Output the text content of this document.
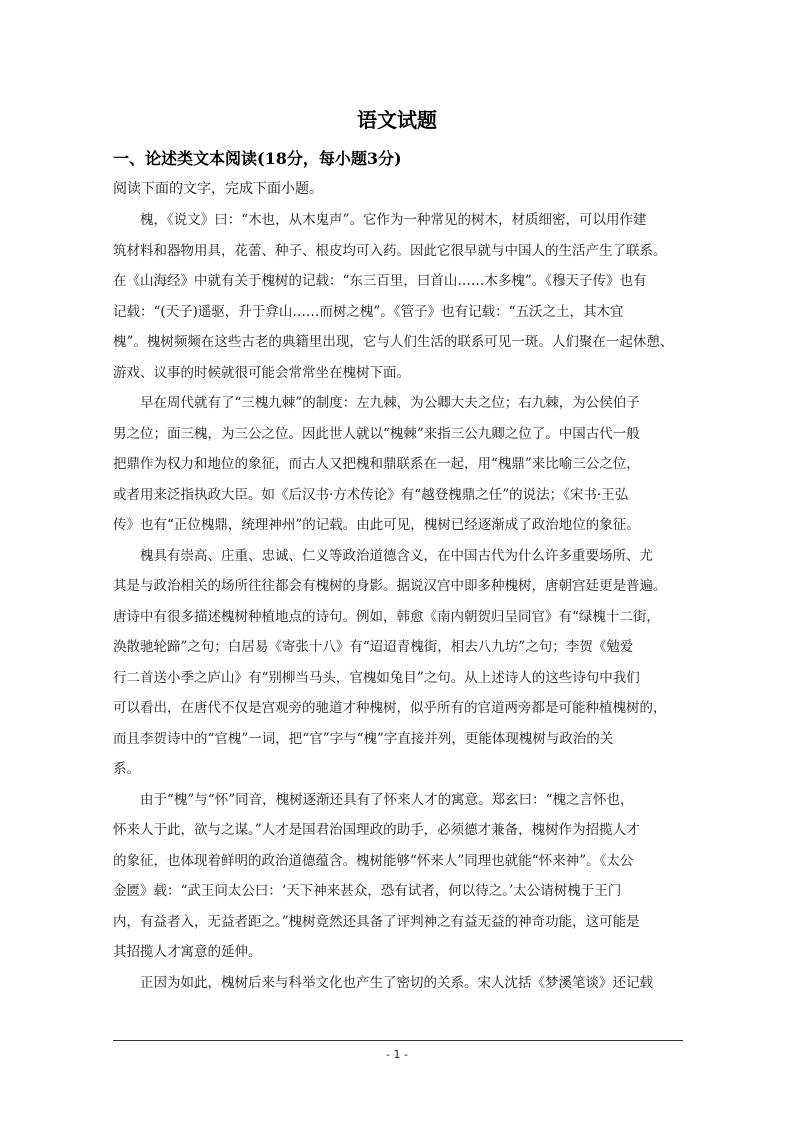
语文试题
一、论述类文本阅读(18分，每小题3分)
阅读下面的文字，完成下面小题。
　　槐，《说文》曰：“木也，从木鬼声”。它作为一种常见的树木，材质细密，可以用作建
筑材料和器物用具，花蕾、种子、根皮均可入药。因此它很早就与中国人的生活产生了联系。
在《山海经》中就有关于槐树的记载：“东三百里，曰首山……木多槐”。《穆天子传》也有
记载：“(天子)遥驱，升于弇山……而树之槐”。《管子》也有记载：“五沃之土，其木宜
槐”。槐树频频在这些古老的典籍里出现，它与人们生活的联系可见一斑。人们聚在一起休憩、
游戏、议事的时候就很可能会常常坐在槐树下面。
　　早在周代就有了“三槐九棘”的制度：左九棘，为公卿大夫之位；右九棘，为公侯伯子
男之位；面三槐，为三公之位。因此世人就以“槐棘”来指三公九卿之位了。中国古代一般
把鼎作为权力和地位的象征，而古人又把槐和鼎联系在一起，用“槐鼎”来比喻三公之位，
或者用来泛指执政大臣。如《后汉书·方术传论》有“越登槐鼎之任”的说法；《宋书·王弘
传》也有“正位槐鼎，统理神州”的记载。由此可见，槐树已经逐渐成了政治地位的象征。
　　槐具有崇高、庄重、忠诚、仁义等政治道德含义，在中国古代为什么许多重要场所、尤
其是与政治相关的场所往往都会有槐树的身影。据说汉宫中即多种槐树，唐朝宫廷更是普遍。
唐诗中有很多描述槐树种植地点的诗句。例如，韩愈《南内朝贺归呈同官》有“绿槐十二街，
涣散驰轮蹄”之句；白居易《寄张十八》有“迢迢青槐街，相去八九坊”之句；李贺《勉爱
行二首送小季之庐山》有“别柳当马头，官槐如兔目”之句。从上述诗人的这些诗句中我们
可以看出，在唐代不仅是宫观旁的驰道才种槐树，似乎所有的官道两旁都是可能种植槐树的，
而且李贺诗中的“官槐”一词，把“官”字与“槐”字直接并列，更能体现槐树与政治的关
系。
　　由于“槐”与“怀”同音，槐树逐渐还具有了怀来人才的寓意。郑玄曰：“槐之言怀也，
怀来人于此，欲与之谋。”人才是国君治国理政的助手，必须德才兼备，槐树作为招揽人才
的象征，也体现着鲜明的政治道德蕴含。槐树能够“怀来人”同理也就能“怀来神”。《太公
金匮》载：“武王问太公曰：‘天下神来甚众，恐有试者，何以待之。’太公请树槐于王门
内，有益者入，无益者距之。”槐树竟然还具备了评判神之有益无益的神奇功能，这可能是
其招揽人才寓意的延伸。
　　正因为如此，槐树后来与科举文化也产生了密切的关系。宋人沈括《梦溪笔谈》还记载
- 1 -
